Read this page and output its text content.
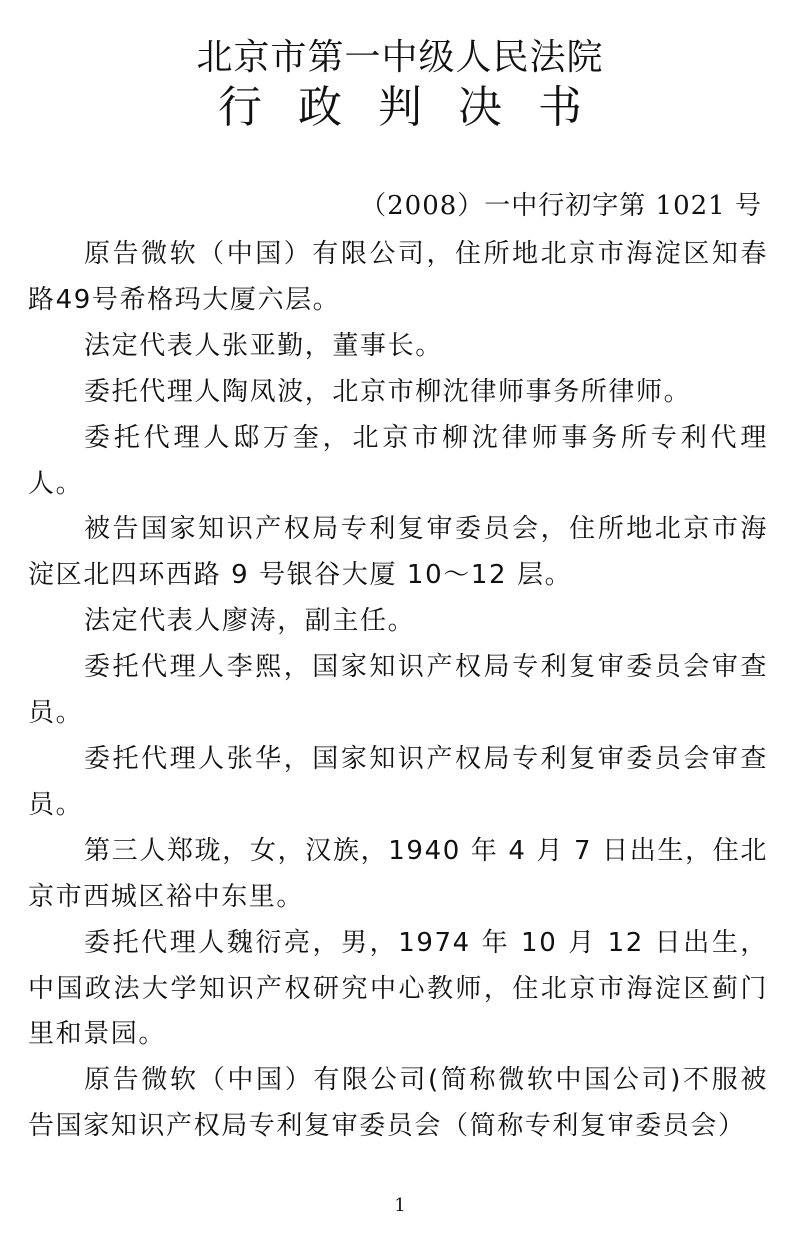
北京市第一中级人民法院
行政判决书
（2008）一中行初字第 1021 号

原告微软（中国）有限公司，住所地北京市海淀区知春路49号希格玛大厦六层。

法定代表人张亚勤，董事长。

委托代理人陶凤波，北京市柳沈律师事务所律师。

委托代理人邸万奎，北京市柳沈律师事务所专利代理人。

被告国家知识产权局专利复审委员会，住所地北京市海淀区北四环西路 9 号银谷大厦 10～12 层。

法定代表人廖涛，副主任。

委托代理人李熙，国家知识产权局专利复审委员会审查员。

委托代理人张华，国家知识产权局专利复审委员会审查员。

第三人郑珑，女，汉族，1940 年 4 月 7 日出生，住北京市西城区裕中东里。

委托代理人魏衍亮，男，1974 年 10 月 12 日出生，中国政法大学知识产权研究中心教师，住北京市海淀区蓟门里和景园。

原告微软（中国）有限公司(简称微软中国公司)不服被告国家知识产权局专利复审委员会（简称专利复审委员会）

1
